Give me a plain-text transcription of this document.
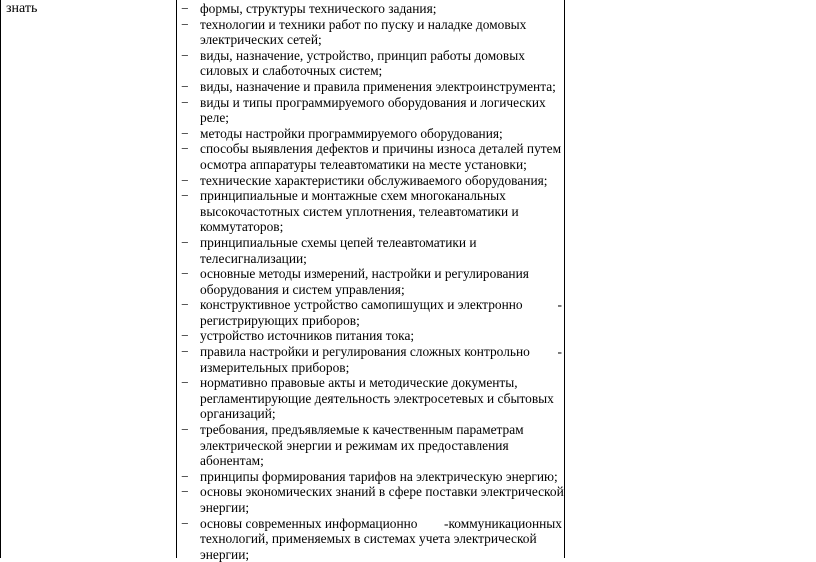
знать	− формы, структуры технического задания;
− технологии и техники работ по пуску и наладке домовых
электрических сетей;
− виды, назначение, устройство, принцип работы домовых
силовых и слаботочных систем;
− виды, назначение и правила применения электроинструмента;
− виды и типы программируемого оборудования и логических
реле;
− методы настройки программируемого оборудования;
− способы выявления дефектов и причины износа деталей путем
осмотра аппаратуры телеавтоматики на месте установки;
− технические характеристики обслуживаемого оборудования;
− принципиальные и монтажные схем многоканальных
высокочастотных систем уплотнения, телеавтоматики и
коммутаторов;
− принципиальные схемы цепей телеавтоматики и
телесигнализации;
− основные методы измерений, настройки и регулирования
оборудования и систем управления;
− конструктивное устройство самопишущих и электронно	-
регистрирующих приборов;
− устройство источников питания тока;
− правила настройки и регулирования сложных контрольно -
измерительных приборов;
− нормативно правовые акты и методические документы,
регламентирующие деятельность электросетевых и сбытовых
организаций;
− требования, предъявляемые к качественным параметрам
электрической энергии и режимам их предоставления
абонентам;
− принципы формирования тарифов на электрическую энергию;
− основы экономических знаний в сфере поставки электрической
энергии;
− основы современных информационно -коммуникационных
технологий, применяемых в системах учета электрической
энергии;
